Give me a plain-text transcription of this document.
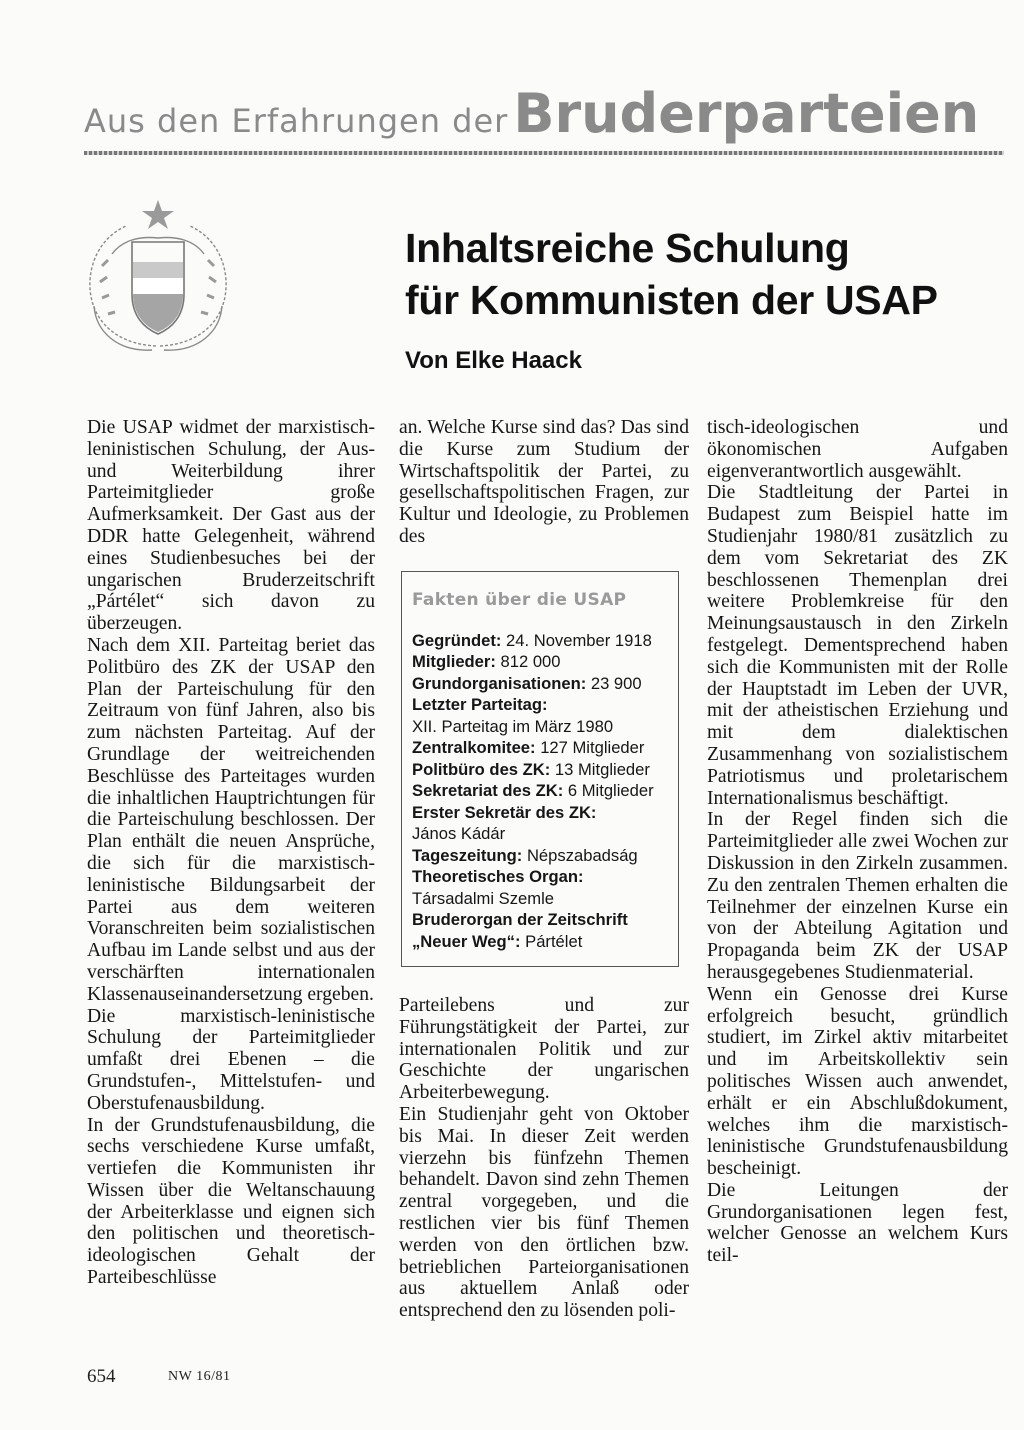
Aus den Erfahrungen der Bruderparteien
Inhaltsreiche Schulung
für Kommunisten der USAP
Von Elke Haack

Die USAP widmet der marxistisch-leninistischen Schulung, der Aus- und Weiterbildung ihrer Parteimitglieder große Aufmerksamkeit. Der Gast aus der DDR hatte Gelegenheit, während eines Studienbesuches bei der ungarischen Bruderzeitschrift „Pártélet“ sich davon zu überzeugen.

Nach dem XII. Parteitag beriet das Politbüro des ZK der USAP den Plan der Parteischulung für den Zeitraum von fünf Jahren, also bis zum nächsten Parteitag. Auf der Grundlage der weitreichenden Beschlüsse des Parteitages wurden die inhaltlichen Hauptrichtungen für die Parteischulung beschlossen. Der Plan enthält die neuen Ansprüche, die sich für die marxistisch-leninistische Bildungsarbeit der Partei aus dem weiteren Voranschreiten beim sozialistischen Aufbau im Lande selbst und aus der verschärften internationalen Klassenauseinandersetzung ergeben.

Die marxistisch-leninistische Schulung der Parteimitglieder umfaßt drei Ebenen – die Grundstufen-, Mittelstufen- und Oberstufenausbildung.

In der Grundstufenausbildung, die sechs verschiedene Kurse umfaßt, vertiefen die Kommunisten ihr Wissen über die Weltanschauung der Arbeiterklasse und eignen sich den politischen und theoretisch-ideologischen Gehalt der Parteibeschlüsse

an. Welche Kurse sind das? Das sind die Kurse zum Studium der Wirtschaftspolitik der Partei, zu gesellschaftspolitischen Fragen, zur Kultur und Ideologie, zu Problemen des

Fakten über die USAP

Gegründet: 24. November 1918

Mitglieder: 812 000

Grundorganisationen: 23 900

Letzter Parteitag:

XII. Parteitag im März 1980

Zentralkomitee: 127 Mitglieder

Politbüro des ZK: 13 Mitglieder

Sekretariat des ZK: 6 Mitglieder

Erster Sekretär des ZK:

János Kádár

Tageszeitung: Népszabadság

Theoretisches Organ:

Társadalmi Szemle

Bruderorgan der Zeitschrift

„Neuer Weg“: Pártélet

Parteilebens und zur Führungstätigkeit der Partei, zur internationalen Politik und zur Geschichte der ungarischen Arbeiterbewegung.

Ein Studienjahr geht von Oktober bis Mai. In dieser Zeit werden vierzehn bis fünfzehn Themen behandelt. Davon sind zehn Themen zentral vorgegeben, und die restlichen vier bis fünf Themen werden von den örtlichen bzw. betrieblichen Parteiorganisationen aus aktuellem Anlaß oder entsprechend den zu lösenden poli-

tisch-ideologischen und ökonomischen Aufgaben eigenverantwortlich ausgewählt.

Die Stadtleitung der Partei in Budapest zum Beispiel hatte im Studienjahr 1980/81 zusätzlich zu dem vom Sekretariat des ZK beschlossenen Themenplan drei weitere Problemkreise für den Meinungsaustausch in den Zirkeln festgelegt. Dementsprechend haben sich die Kommunisten mit der Rolle der Hauptstadt im Leben der UVR, mit der atheistischen Erziehung und mit dem dialektischen Zusammenhang von sozialistischem Patriotismus und proletarischem Internationalismus beschäftigt.

In der Regel finden sich die Parteimitglieder alle zwei Wochen zur Diskussion in den Zirkeln zusammen. Zu den zentralen Themen erhalten die Teilnehmer der einzelnen Kurse ein von der Abteilung Agitation und Propaganda beim ZK der USAP herausgegebenes Studienmaterial.

Wenn ein Genosse drei Kurse erfolgreich besucht, gründlich studiert, im Zirkel aktiv mitarbeitet und im Arbeitskollektiv sein politisches Wissen auch anwendet, erhält er ein Abschlußdokument, welches ihm die marxistisch-leninistische Grundstufenausbildung bescheinigt.

Die Leitungen der Grundorganisationen legen fest, welcher Genosse an welchem Kurs teil-

654	NW 16/81
